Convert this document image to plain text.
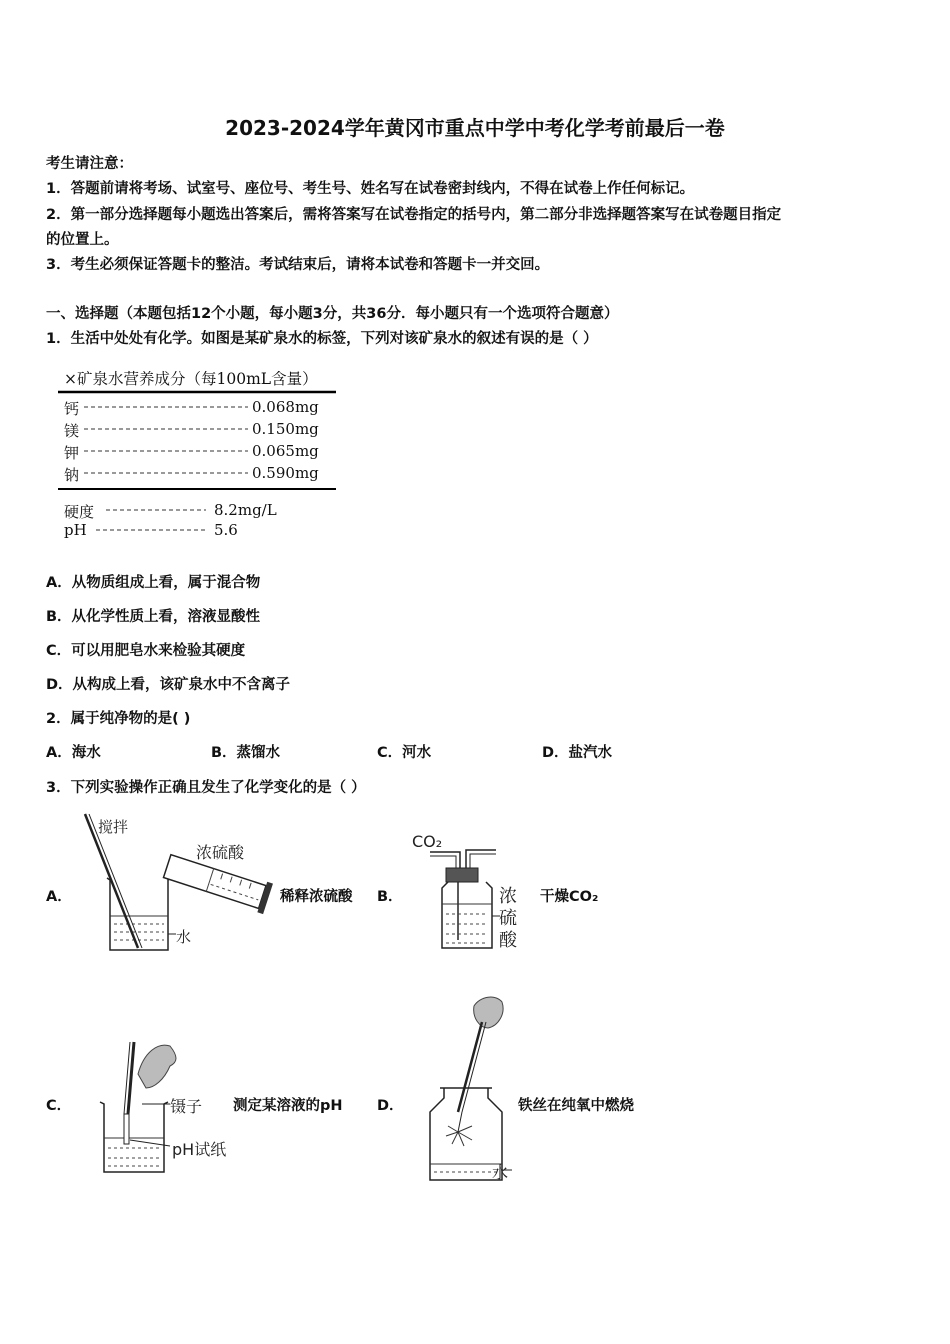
2023-2024学年黄冈市重点中学中考化学考前最后一卷
考生请注意：
1．答题前请将考场、试室号、座位号、考生号、姓名写在试卷密封线内，不得在试卷上作任何标记。
2．第一部分选择题每小题选出答案后，需将答案写在试卷指定的括号内，第二部分非选择题答案写在试卷题目指定
的位置上。
3．考生必须保证答题卡的整洁。考试结束后，请将本试卷和答题卡一并交回。
一、选择题（本题包括12个小题，每小题3分，共36分．每小题只有一个选项符合题意）
1．生活中处处有化学。如图是某矿泉水的标签，下列对该矿泉水的叙述有误的是（ ）
×矿泉水营养成分（每100mL含量）
钙	0.068mg
镁	0.150mg
钾	0.065mg
钠	0.590mg
硬度	8.2mg/L
pH	5.6
A．从物质组成上看，属于混合物
B．从化学性质上看，溶液显酸性
C．可以用肥皂水来检验其硬度
D．从构成上看，该矿泉水中不含离子
2．属于纯净物的是( )
A．海水	B．蒸馏水	C．河水	D．盐汽水
3．下列实验操作正确且发生了化学变化的是（ ）
A．	稀释浓硫酸
搅拌
浓硫酸
水
B．	干燥CO₂
CO₂
浓
硫
酸
C．	测定某溶液的pH
镊子
pH试纸
D．	铁丝在纯氧中燃烧
水
